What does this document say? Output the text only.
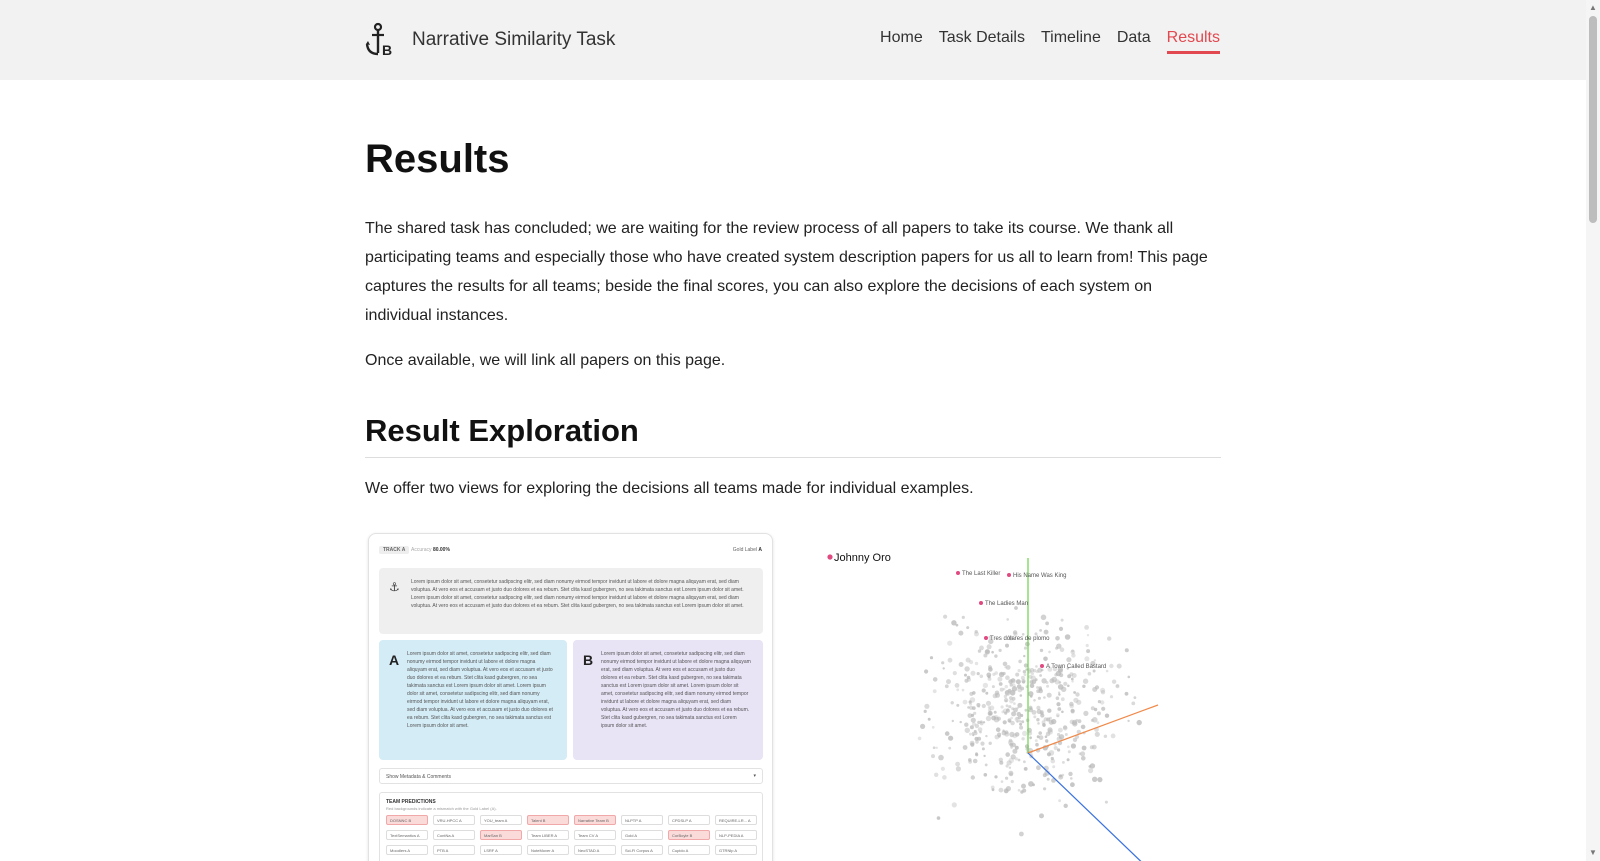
B Narrative Similarity Task	Home Task Details Timeline Data Results
▲
▼
Results

The shared task has concluded; we are waiting for the review process of all papers to take its course. We thank all participating teams and especially those who have created system description papers for us all to learn from! This page captures the results for all teams; beside the final scores, you can also explore the decisions of each system on individual instances.

Once available, we will link all papers on this page.

Result Exploration

We offer two views for exploring the decisions all teams made for individual examples.

TRACK A	Accuracy 80.00%	Gold Label A
⚓ Lorem ipsum dolor sit amet, consetetur sadipscing elitr, sed diam nonumy eirmod tempor invidunt ut labore et dolore magna aliquyam erat, sed diam voluptua. At vero eos et accusam et justo duo dolores et ea rebum. Stet clita kasd gubergren, no sea takimata sanctus est Lorem ipsum dolor sit amet. Lorem ipsum dolor sit amet, consetetur sadipscing elitr, sed diam nonumy eirmod tempor invidunt ut labore et dolore magna aliquyam erat, sed diam voluptua. At vero eos et accusam et justo duo dolores et ea rebum. Stet clita kasd gubergren, no sea takimata sanctus est Lorem ipsum dolor sit amet.
A Lorem ipsum dolor sit amet, consetetur sadipscing elitr, sed diam nonumy eirmod tempor invidunt ut labore et dolore magna aliquyam erat, sed diam voluptua. At vero eos et accusam et justo duo dolores et ea rebum. Stet clita kasd gubergren, no sea takimata sanctus est Lorem ipsum dolor sit amet. Lorem ipsum dolor sit amet, consetetur sadipscing elitr, sed diam nonumy eirmod tempor invidunt ut labore et dolore magna aliquyam erat, sed diam voluptua. At vero eos et accusam et justo duo dolores et ea rebum. Stet clita kasd gubergren, no sea takimata sanctus est Lorem ipsum dolor sit amet.
B Lorem ipsum dolor sit amet, consetetur sadipscing elitr, sed diam nonumy eirmod tempor invidunt ut labore et dolore magna aliquyam erat, sed diam voluptua. At vero eos et accusam et justo duo dolores et ea rebum. Stet clita kasd gubergren, no sea takimata sanctus est Lorem ipsum dolor sit amet. Lorem ipsum dolor sit amet, consetetur sadipscing elitr, sed diam nonumy eirmod tempor invidunt ut labore et dolore magna aliquyam erat, sed diam voluptua. At vero eos et accusam et justo duo dolores et ea rebum. Stet clita kasd gubergren, no sea takimata sanctus est Lorem ipsum dolor sit amet.
Show Metadata & Comments	▾
TEAM PREDICTIONS
Red backgrounds indicate a mismatch with the Gold Label (A).
DOSNNC B	VRU-HPCC A	YOU_team A	Talent B	Narrative Team B	NLPTP A	CPDSLP A	REQUIRE-LR... A
TextSemantics A	ContNa A	MarSan B	Team LIBER A	Team CV A	Gold A	CorBoyle B	NLP-PEDIA A
Moodlers A	PTB A	LSRF A	NoteMover A	NeoSTAD A	Sci-Fi Corpus A	Cupido A	GTRNlp A
Johnny Oro
The Last Killer His Name Was King
The Ladies Man
Tres dólares de plomo
A Town Called Bastard
